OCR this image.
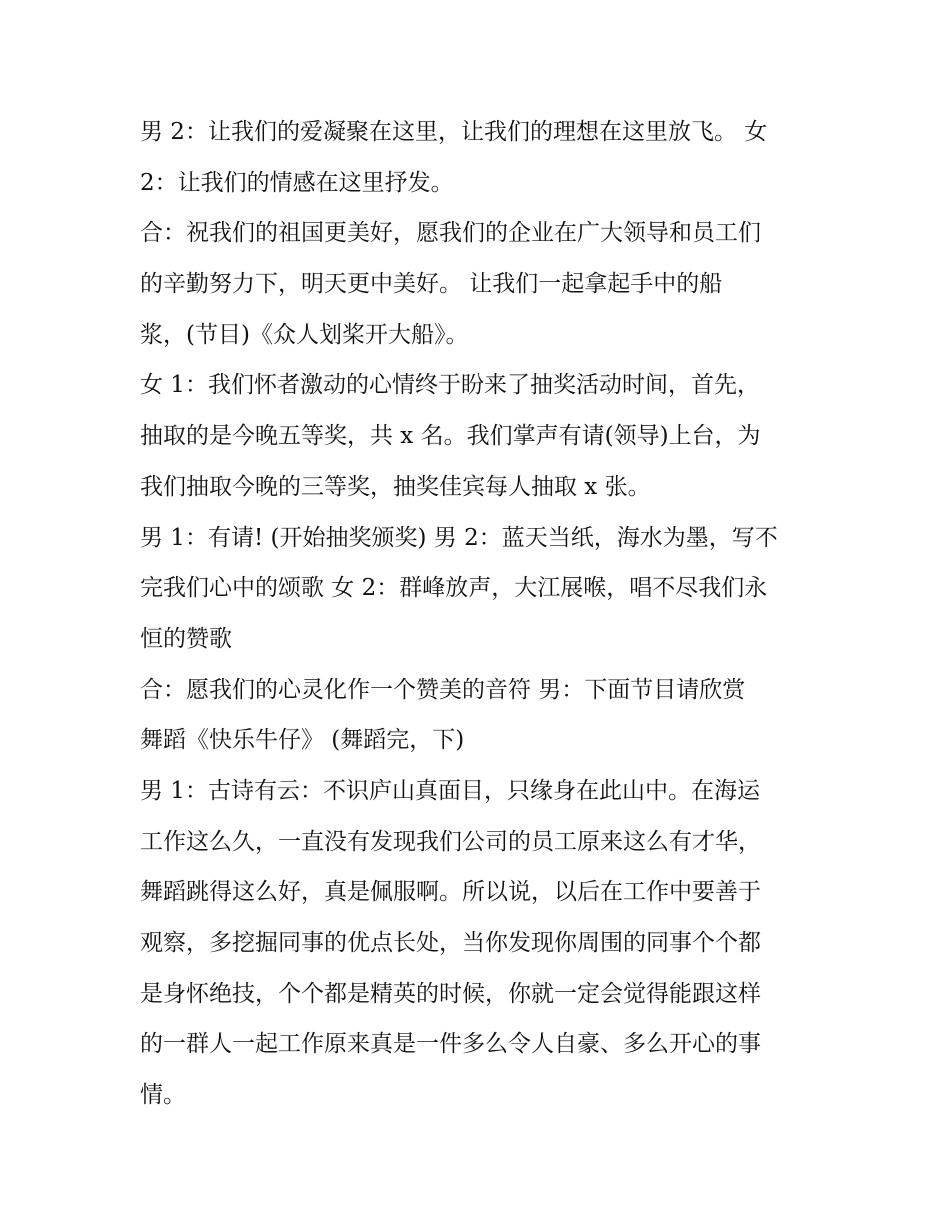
男 2：让我们的爱凝聚在这里，让我们的理想在这里放飞。 女
2：让我们的情感在这里抒发。
合：祝我们的祖国更美好，愿我们的企业在广大领导和员工们
的辛勤努力下，明天更中美好。 让我们一起拿起手中的船
浆，(节目)《众人划桨开大船》。
女 1：我们怀者激动的心情终于盼来了抽奖活动时间，首先，
抽取的是今晚五等奖，共 x 名。我们掌声有请(领导)上台，为
我们抽取今晚的三等奖，抽奖佳宾每人抽取 x 张。
男 1：有请! (开始抽奖颁奖) 男 2：蓝天当纸，海水为墨，写不
完我们心中的颂歌 女 2：群峰放声，大江展喉，唱不尽我们永
恒的赞歌
合：愿我们的心灵化作一个赞美的音符 男：下面节目请欣赏
舞蹈《快乐牛仔》 (舞蹈完，下)
男 1：古诗有云：不识庐山真面目，只缘身在此山中。在海运
工作这么久，一直没有发现我们公司的员工原来这么有才华，
舞蹈跳得这么好，真是佩服啊。所以说，以后在工作中要善于
观察，多挖掘同事的优点长处，当你发现你周围的同事个个都
是身怀绝技，个个都是精英的时候，你就一定会觉得能跟这样
的一群人一起工作原来真是一件多么令人自豪、多么开心的事
情。
